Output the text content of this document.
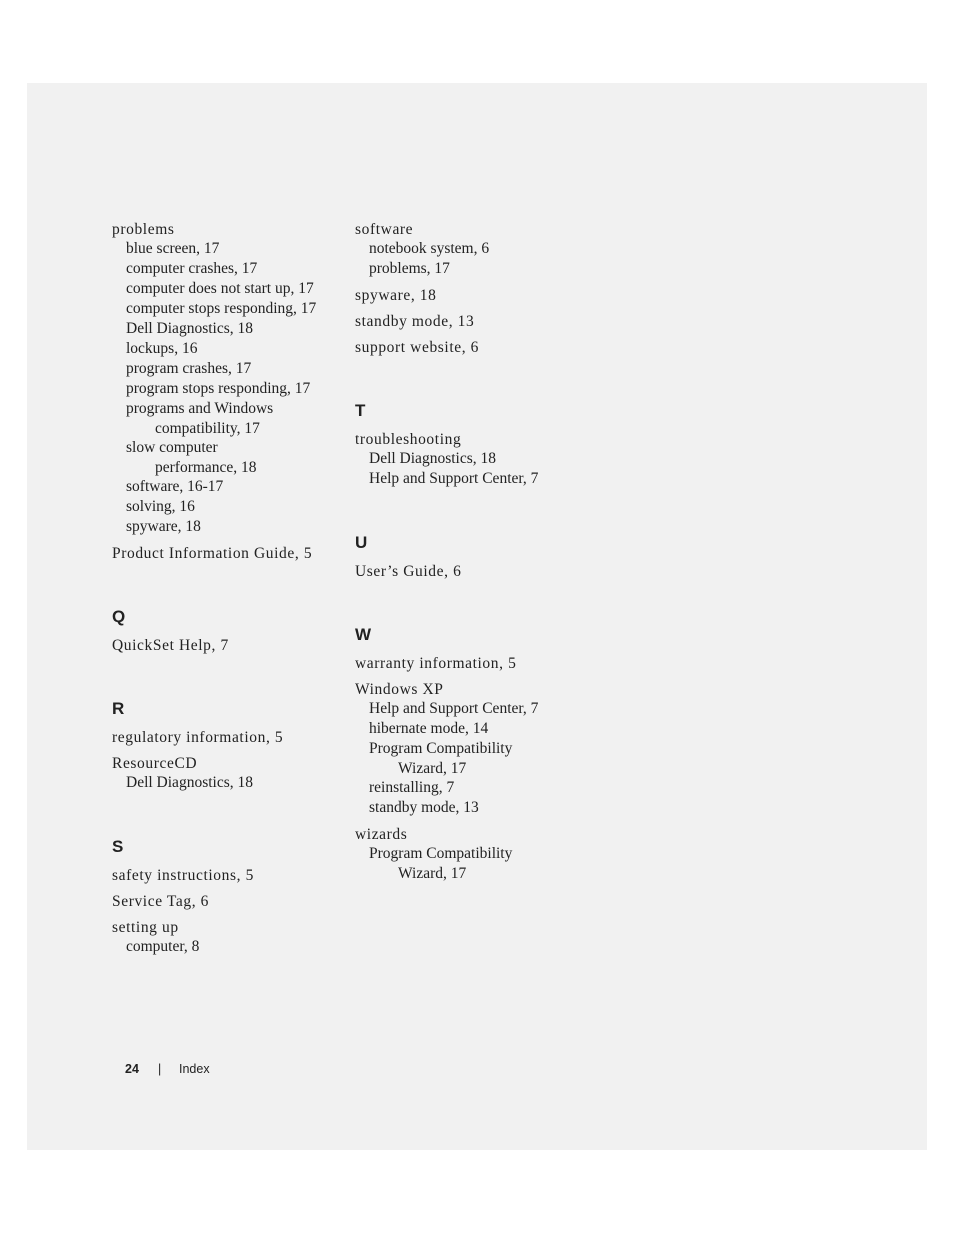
problems
blue screen, 17
computer crashes, 17
computer does not start up, 17
computer stops responding, 17
Dell Diagnostics, 18
lockups, 16
program crashes, 17
program stops responding, 17
programs and Windows
compatibility, 17
slow computer
performance, 18
software, 16-17
solving, 16
spyware, 18
Product Information Guide, 5
Q
QuickSet Help, 7
R
regulatory information, 5
ResourceCD
Dell Diagnostics, 18
S
safety instructions, 5
Service Tag, 6
setting up
computer, 8
software
notebook system, 6
problems, 17
spyware, 18
standby mode, 13
support website, 6
T
troubleshooting
Dell Diagnostics, 18
Help and Support Center, 7
U
User’s Guide, 6
W
warranty information, 5
Windows XP
Help and Support Center, 7
hibernate mode, 14
Program Compatibility
Wizard, 17
reinstalling, 7
standby mode, 13
wizards
Program Compatibility
Wizard, 17
24 | Index
